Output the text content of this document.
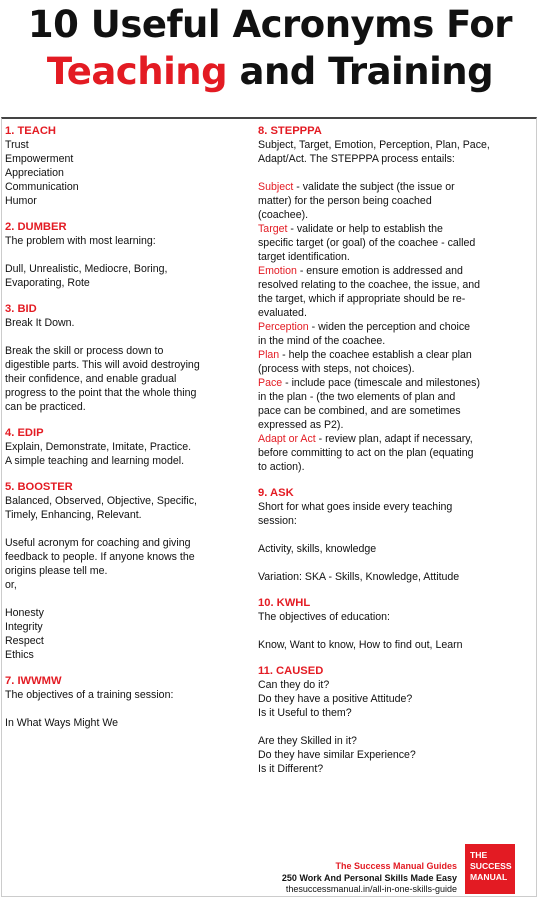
10 Useful Acronyms For
Teaching and Training
1. TEACH
Trust
Empowerment
Appreciation
Communication
Humor
2. DUMBER
The problem with most learning:
Dull, Unrealistic, Mediocre, Boring,
Evaporating, Rote
3. BID
Break It Down.
Break the skill or process down to
digestible parts. This will avoid destroying
their confidence, and enable gradual
progress to the point that the whole thing
can be practiced.
4. EDIP
Explain, Demonstrate, Imitate, Practice.
A simple teaching and learning model.
5. BOOSTER
Balanced, Observed, Objective, Specific,
Timely, Enhancing, Relevant.
Useful acronym for coaching and giving
feedback to people. If anyone knows the
origins please tell me.
or,
Honesty
Integrity
Respect
Ethics
7. IWWMW
The objectives of a training session:
In What Ways Might We
8. STEPPPA
Subject, Target, Emotion, Perception, Plan, Pace,
Adapt/Act. The STEPPPA process entails:
Subject - validate the subject (the issue or
matter) for the person being coached
(coachee).
Target - validate or help to establish the
specific target (or goal) of the coachee - called
target identification.
Emotion - ensure emotion is addressed and
resolved relating to the coachee, the issue, and
the target, which if appropriate should be re-
evaluated.
Perception - widen the perception and choice
in the mind of the coachee.
Plan - help the coachee establish a clear plan
(process with steps, not choices).
Pace - include pace (timescale and milestones)
in the plan - (the two elements of plan and
pace can be combined, and are sometimes
expressed as P2).
Adapt or Act - review plan, adapt if necessary,
before committing to act on the plan (equating
to action).
9. ASK
Short for what goes inside every teaching
session:
Activity, skills, knowledge
Variation: SKA - Skills, Knowledge, Attitude
10. KWHL
The objectives of education:
Know, Want to know, How to find out, Learn
11. CAUSED
Can they do it?
Do they have a positive Attitude?
Is it Useful to them?
Are they Skilled in it?
Do they have similar Experience?
Is it Different?
The Success Manual Guides
250 Work And Personal Skills Made Easy
thesuccessmanual.in/all-in-one-skills-guide
THE
SUCCESS
MANUAL
